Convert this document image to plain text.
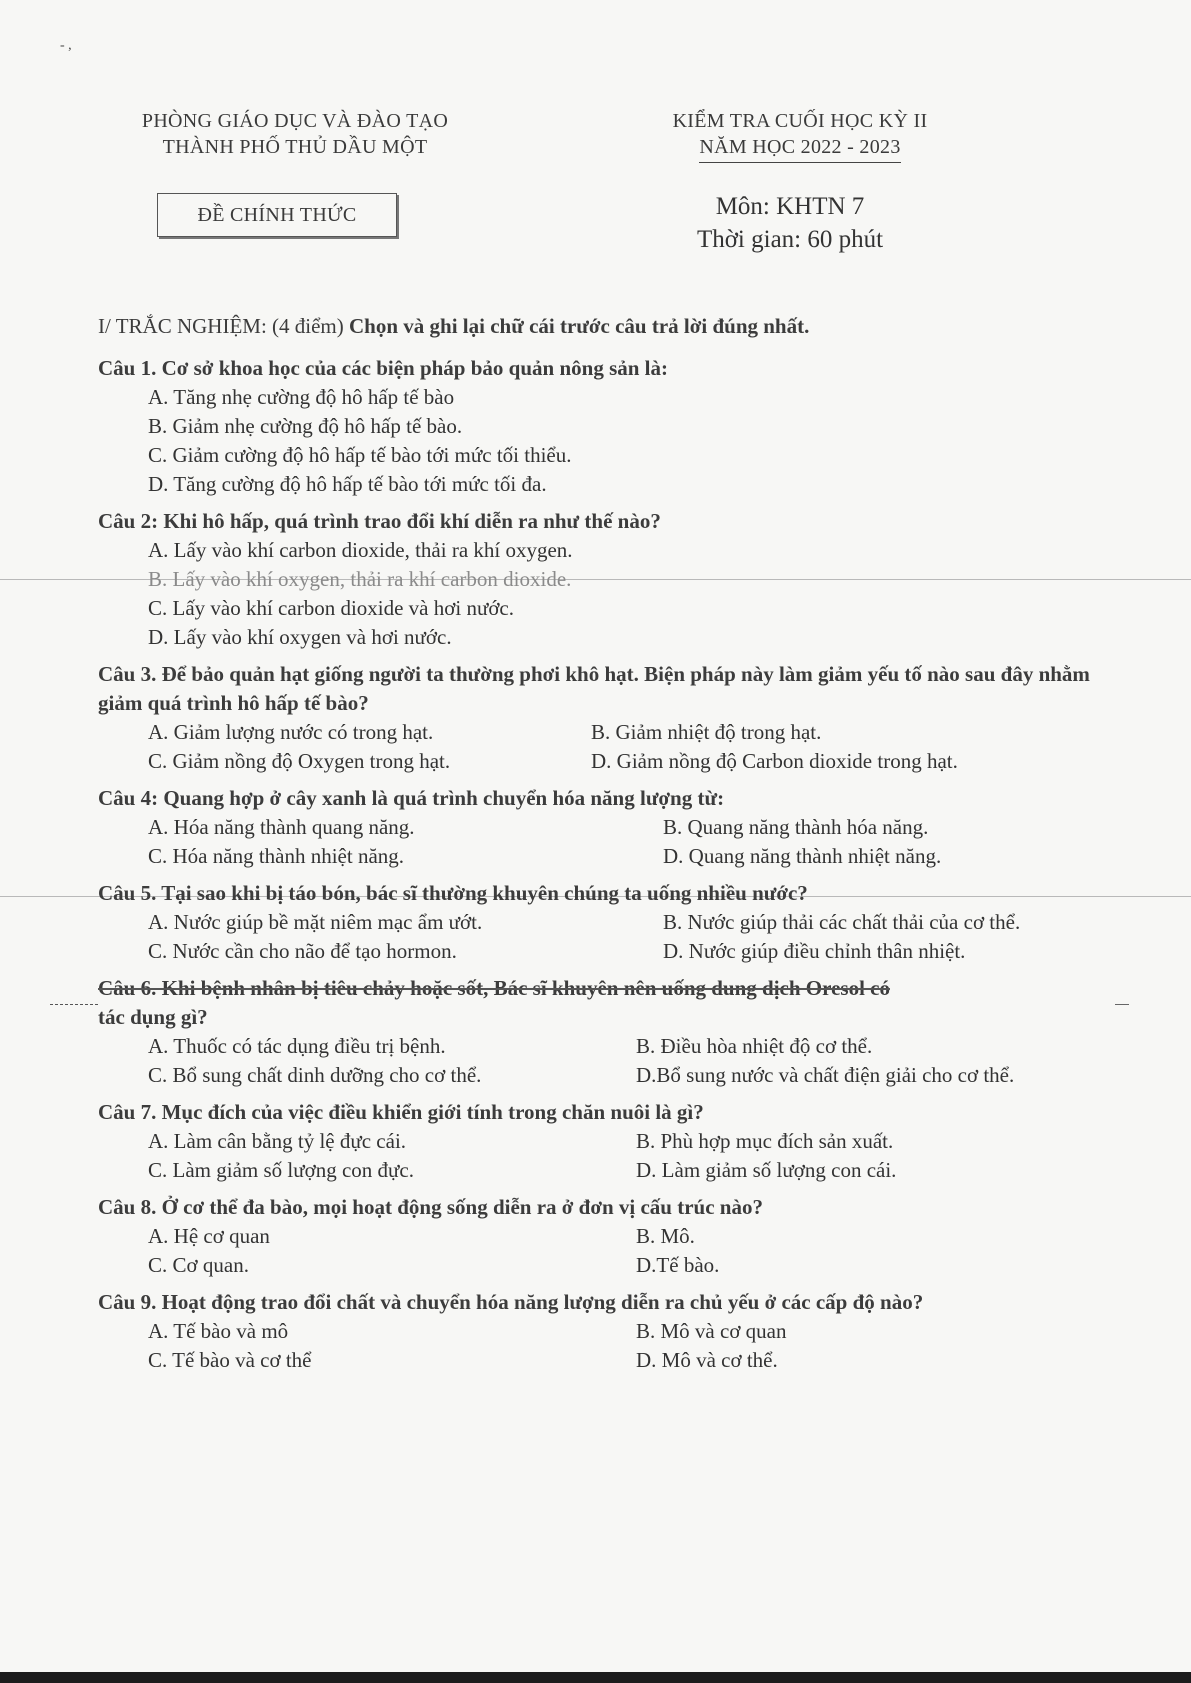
- ,
PHÒNG GIÁO DỤC VÀ ĐÀO TẠO
THÀNH PHỐ THỦ DẦU MỘT
KIỂM TRA CUỐI HỌC KỲ II
NĂM HỌC 2022 - 2023
ĐỀ CHÍNH THỨC	Môn: KHTN 7
Thời gian: 60 phút
I/ TRẮC NGHIỆM: (4 điểm) Chọn và ghi lại chữ cái trước câu trả lời đúng nhất.
Câu 1. Cơ sở khoa học của các biện pháp bảo quản nông sản là:
A. Tăng nhẹ cường độ hô hấp tế bào
B. Giảm nhẹ cường độ hô hấp tế bào.
C. Giảm cường độ hô hấp tế bào tới mức tối thiểu.
D. Tăng cường độ hô hấp tế bào tới mức tối đa.
Câu 2: Khi hô hấp, quá trình trao đổi khí diễn ra như thế nào?
A. Lấy vào khí carbon dioxide, thải ra khí oxygen.
B. Lấy vào khí oxygen, thải ra khí carbon dioxide.
C. Lấy vào khí carbon dioxide và hơi nước.
D. Lấy vào khí oxygen và hơi nước.
Câu 3. Để bảo quản hạt giống người ta thường phơi khô hạt. Biện pháp này làm giảm yếu tố nào sau đây nhằm giảm quá trình hô hấp tế bào?
A. Giảm lượng nước có trong hạt.	B. Giảm nhiệt độ trong hạt.
C. Giảm nồng độ Oxygen trong hạt.	D. Giảm nồng độ Carbon dioxide trong hạt.
Câu 4: Quang hợp ở cây xanh là quá trình chuyển hóa năng lượng từ:
A. Hóa năng thành quang năng.	B. Quang năng thành hóa năng.
C. Hóa năng thành nhiệt năng.	D. Quang năng thành nhiệt năng.
Câu 5. Tại sao khi bị táo bón, bác sĩ thường khuyên chúng ta uống nhiều nước?
A. Nước giúp bề mặt niêm mạc ẩm ướt.	B. Nước giúp thải các chất thải của cơ thể.
C. Nước cần cho não để tạo hormon.	D. Nước giúp điều chỉnh thân nhiệt.
Câu 6. Khi bệnh nhân bị tiêu chảy hoặc sốt, Bác sĩ khuyên nên uống dung dịch Oresol có
tác dụng gì?
A. Thuốc có tác dụng điều trị bệnh.	B. Điều hòa nhiệt độ cơ thể.
C. Bổ sung chất dinh dưỡng cho cơ thể.	D.Bổ sung nước và chất điện giải cho cơ thể.
Câu 7. Mục đích của việc điều khiển giới tính trong chăn nuôi là gì?
A. Làm cân bằng tỷ lệ đực cái.	B. Phù hợp mục đích sản xuất.
C. Làm giảm số lượng con đực.	D. Làm giảm số lượng con cái.
Câu 8. Ở cơ thể đa bào, mọi hoạt động sống diễn ra ở đơn vị cấu trúc nào?
A. Hệ cơ quan	B. Mô.
C. Cơ quan.	D.Tế bào.
Câu 9. Hoạt động trao đổi chất và chuyển hóa năng lượng diễn ra chủ yếu ở các cấp độ nào?
A. Tế bào và mô	B. Mô và cơ quan
C. Tế bào và cơ thể	D. Mô và cơ thể.
